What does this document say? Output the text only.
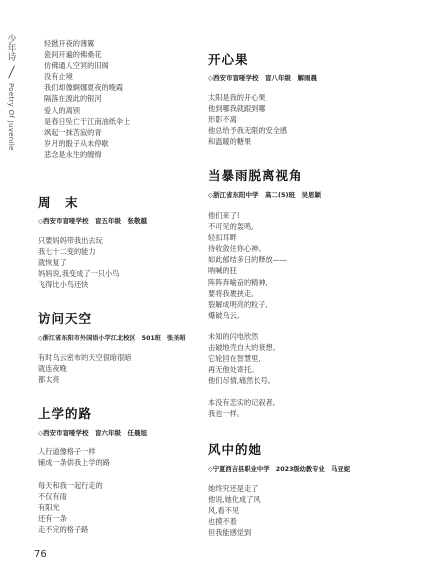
少年诗
Poetry Of Juvenile
轻掀开夜的薄翼
瓷间开遍的佛桑花
仿佛通人空冥的旧阁
没有止境
我们却像婀娜夏夜的晚霞
隔落在渡此的银河
爱人的离别
是春日坠亡于江南油纸伞上
飒起一抹苦寂的青
岁月的骰子从未停歇
悲念是永生的缠绵
周　末
◇西安市盲哑学校　盲五年级　张敬越
只要妈妈带我出去玩
我七十二变的能力
就恢复了
妈妈说,我变成了一只小鸟
飞得比小鸟还快
访问天空
◇浙江省东阳市外国语小学江北校区　501班　张圣昭
有时乌云密布的天空很暗很暗
就连夜晚
都太亮
上学的路
◇西安市盲哑学校　盲六年级　任晨旭
人行道像格子一样
铺成一条供我上学的路
每天和我一起行走的
不仅有雨
有阳光
还有一条
走不完的格子路
开心果
◇西安市盲哑学校　盲八年级　解雨晨
太阳是我的开心果
他到哪我就跟到哪
形影不离
他总给予我无限的安全感
和温暖的糖果
当暴雨脱离视角
◇浙江省东阳中学　高二(5)班　吴思颖
他们来了!
不可见的轰鸣,
轻扣耳畔
待收敛住你心神。
如此郁结多日的释放——
呐喊的狂
阵阵奔喻奋的精神,
要将我裹挟走。
裂解成明亮的粒子,
爆破乌云。
未知的闪电欣然
击破地壳自大的衰想。
它轮回在智慧里,
再无他处寄托。
他们尽情,痛然长号。
本没有恋实的记叙者,
我也一样。
风中的她
◇宁夏西吉县职业中学　2023级幼教专业　马亚妮
她终究还是走了
他说,她化成了风
风,看不见
也摸不着
但我能感觉到
76
